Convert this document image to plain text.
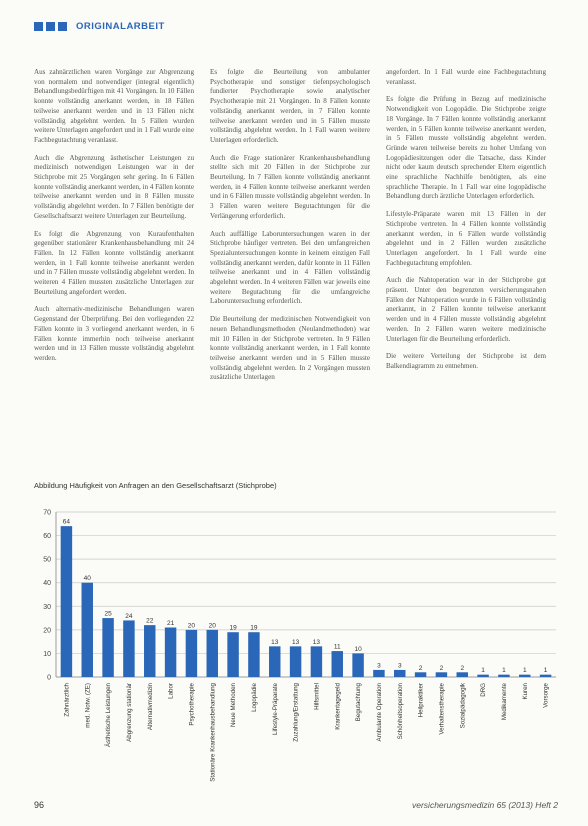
ORIGINALARBEIT

Aus zahnärztlichen waren Vorgänge zur Abgrenzung von normalem und notwendiger (integral eigentlich) Behandlungsbedürftigen mit 41 Vorgängen. In 10 Fällen konnte vollständig anerkannt werden, in 18 Fällen teilweise anerkannt werden und in 13 Fällen nicht vollständig abgelehnt werden. In 5 Fällen wurden weitere Unterlagen angefordert und in 1 Fall wurde eine Fachbegutachtung veranlasst.

Auch die Abgrenzung ästhetischer Leistungen zu medizinisch notwendigen Leistungen war in der Stichprobe mit 25 Vorgängen sehr gering. In 6 Fällen konnte vollständig anerkannt werden, in 4 Fällen konnte teilweise anerkannt werden und in 8 Fällen musste vollständig abgelehnt werden. In 7 Fällen benötigte der Gesellschaftsarzt weitere Unterlagen zur Beurteilung.

Es folgt die Abgrenzung von Kuraufenthalten gegenüber stationärer Krankenhausbehandlung mit 24 Fällen. In 12 Fällen konnte vollständig anerkannt werden, in 1 Fall konnte teilweise anerkannt werden und in 7 Fällen musste vollständig abgelehnt werden. In weiteren 4 Fällen mussten zusätzliche Unterlagen zur Beurteilung angefordert werden.

Auch alternativ-medizinische Behandlungen waren Gegenstand der Überprüfung. Bei den vorliegenden 22 Fällen konnte in 3 vorliegend anerkannt werden, in 6 Fällen konnte immerhin noch teilweise anerkannt werden und in 13 Fällen musste vollständig abgelehnt werden.

Es folgte die Beurteilung von ambulanter Psychotherapie und sonstiger tiefenpsychologisch fundierter Psychotherapie sowie analytischer Psychotherapie mit 21 Vorgängen. In 8 Fällen konnte vollständig anerkannt werden, in 7 Fällen konnte teilweise anerkannt werden und in 5 Fällen musste vollständig abgelehnt werden. In 1 Fall waren weitere Unterlagen erforderlich.

Auch die Frage stationärer Krankenhausbehandlung stellte sich mit 20 Fällen in der Stichprobe zur Beurteilung. In 7 Fällen konnte vollständig anerkannt werden, in 4 Fällen konnte teilweise anerkannt werden und in 6 Fällen musste vollständig abgelehnt werden. In 3 Fällen waren weitere Begutachtungen für die Verlängerung erforderlich.

Auch auffällige Laboruntersuchungen waren in der Stichprobe häufiger vertreten. Bei den umfangreichen Spezialuntersuchungen konnte in keinem einzigen Fall vollständig anerkannt werden, dafür konnte in 11 Fällen teilweise anerkannt und in 4 Fällen vollständig abgelehnt werden. In 4 weiteren Fällen war jeweils eine weitere Begutachtung für die umfangreiche Laboruntersuchung erforderlich.

Die Beurteilung der medizinischen Notwendigkeit von neuen Behandlungsmethoden (Neulandmethoden) war mit 10 Fällen in der Stichprobe vertreten. In 9 Fällen konnte vollständig anerkannt werden, in 1 Fall konnte teilweise anerkannt werden und in 5 Fällen musste vollständig abgelehnt werden. In 2 Vorgängen mussten zusätzliche Unterlagen

angefordert. In 1 Fall wurde eine Fachbegutachtung veranlasst.

Es folgte die Prüfung in Bezug auf medizinische Notwendigkeit von Logopädie. Die Stichprobe zeigte 18 Vorgänge. In 7 Fällen konnte vollständig anerkannt werden, in 5 Fällen konnte teilweise anerkannt werden, in 5 Fällen musste vollständig abgelehnt werden. Gründe waren teilweise bereits zu hoher Umfang von Logopädiesitzungen oder die Tatsache, dass Kinder nicht oder kaum deutsch sprechender Eltern eigentlich eine sprachliche Nachhilfe benötigten, als eine sprachliche Therapie. In 1 Fall war eine logopädische Behandlung durch ärztliche Unterlagen erforderlich.

Lifestyle-Präparate waren mit 13 Fällen in der Stichprobe vertreten. In 4 Fällen konnte vollständig anerkannt werden, in 6 Fällen wurde vollständig abgelehnt und in 2 Fällen wurden zusätzliche Unterlagen angefordert. In 1 Fall wurde eine Fachbegutachtung empfohlen.

Auch die Nahtoperation war in der Stichprobe gut präsent. Unter den begrenzten versicherungsnahen Fällen der Nahtoperation wurde in 6 Fällen vollständig anerkannt, in 2 Fällen konnte teilweise anerkannt werden und in 4 Fällen musste vollständig abgelehnt werden. In 2 Fällen waren weitere medizinische Unterlagen für die Beurteilung erforderlich.

Die weitere Verteilung der Stichprobe ist dem Balkendiagramm zu entnehmen.

Abbildung Häufigkeit von Anfragen an den Gesellschaftsarzt (Stichprobe)
0
10
20
30
40
50
60
70
64
Zahnärztlich
40
med. Notw. (ZE)
25
Ästhetische Leistungen
24
Abgrenzung stationär
22
Alternativmedizin
21
Labor
20
Psychotherapie
20
Stationäre Krankenhausbehandlung
19
Neue Methoden
19
Logopädie
13
Lifestyle-Präparate
13
Zuzahlung/Erstattung
13
Hilfsmittel
11
Krankentagegeld
10
Begutachtung
3
Ambulante Operation
3
Schönheitsoperation
2
Heilpraktiker
2
Verhaltenstherapie
2
Sozialpädagogik
1
DRG
1
Medikamente
1
Kuren
1
Vorsorge
96	versicherungsmedizin 65 (2013) Heft 2
